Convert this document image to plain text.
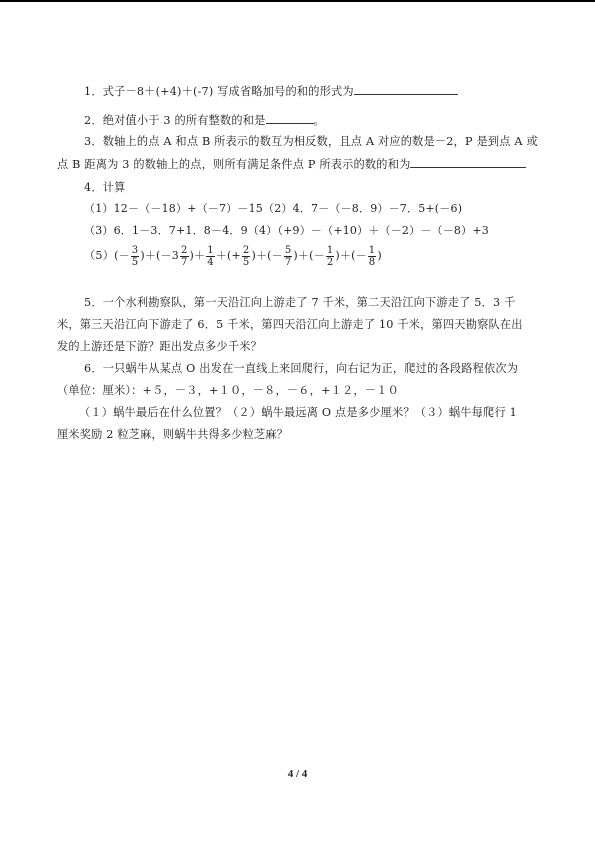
1．式子－8＋(+4)＋(-7) 写成省略加号的和的形式为
2．绝对值小于 3 的所有整数的和是	。
3．数轴上的点 A 和点 B 所表示的数互为相反数，且点 A 对应的数是－2，P 是到点 A 或
点 B 距离为 3 的数轴上的点，则所有满足条件点 P 所表示的数的和为
4．计算
（1）12－（－18）+（－7）－15（2）4．7－（－8．9）－7．5+(－6)
（3）6．1－3．7+1．8－4．9（4）（+9）－（+10）＋（－2）－（－8）+3
$(5)(- \frac{3}{5} )+(-3 \frac{2}{7}$ )＋ $\frac{1}{4}$ ＋(+ $\frac{2}{5}$ )＋(－ $\frac{5}{7}$ )＋(－ $\frac{1}{2}$ )＋(－ $\frac{1}{8}$ )
5．一个水利勘察队，第一天沿江向上游走了 7 千米，第二天沿江向下游走了 5．3 千
米，第三天沿江向下游走了 6．5 千米，第四天沿江向上游走了 10 千米，第四天勘察队在出
发的上游还是下游？距出发点多少千米？
6．一只蜗牛从某点 O 出发在一直线上来回爬行，向右记为正，爬过的各段路程依次为
（单位：厘米）：+５，－３，+１０，－８，－６，+１２，－１０
（１）蜗牛最后在什么位置？（２）蜗牛最远离 O 点是多少厘米？（３）蜗牛每爬行 1
厘米奖励 2 粒芝麻，则蜗牛共得多少粒芝麻？
4 / 4
